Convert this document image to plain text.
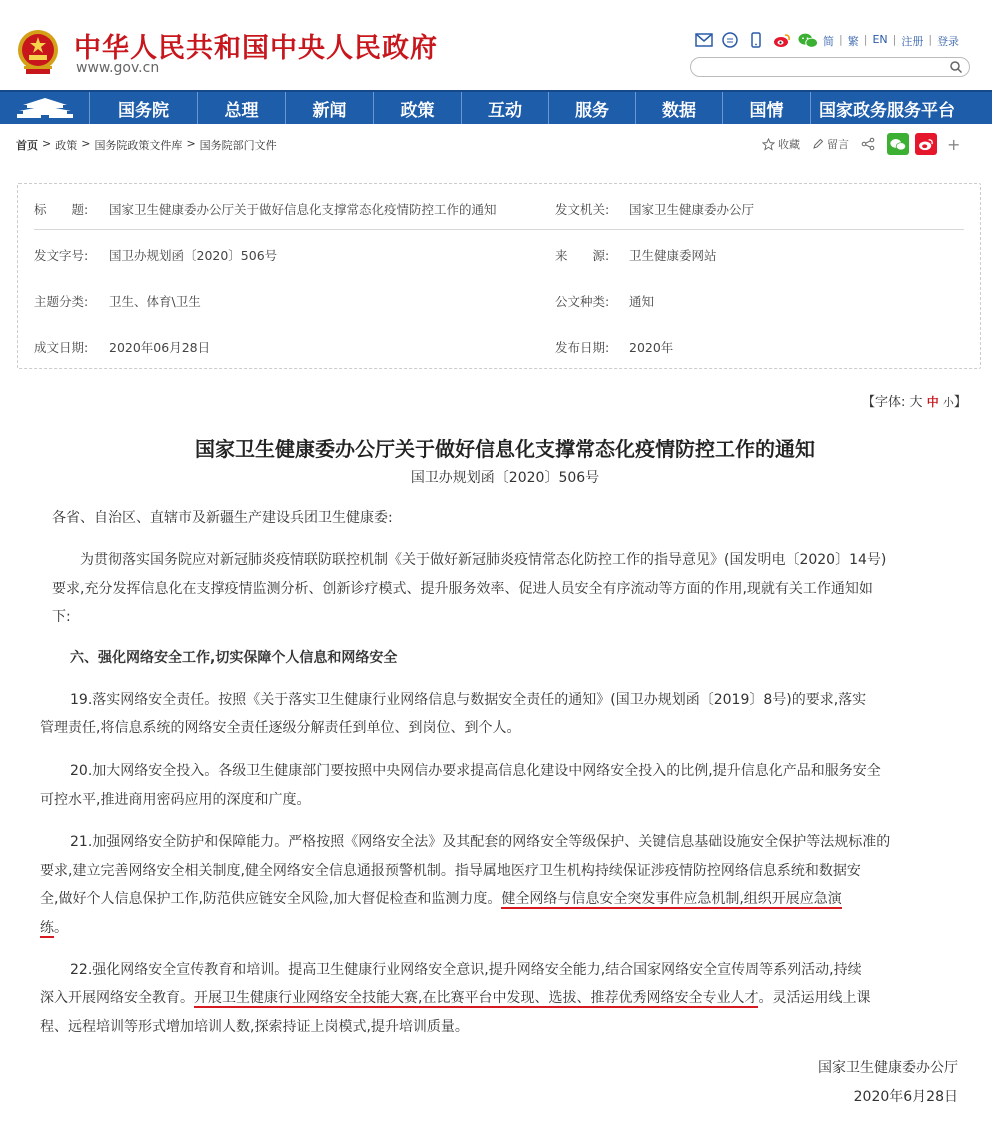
中华人民共和国中央人民政府
www.gov.cn
简 | 繁 | EN | 注册 | 登录
国务院	总理	新闻	政策	互动	服务	数据	国情	国家政务服务平台
首页 > 政策 > 国务院政策文件库 > 国务院部门文件	收藏 留言	+
标　　题: 国家卫生健康委办公厅关于做好信息化支撑常态化疫情防控工作的通知	发文机关: 国家卫生健康委办公厅
发文字号: 国卫办规划函〔2020〕506号	来　　源: 卫生健康委网站
主题分类: 卫生、体育\卫生	公文种类: 通知
成文日期: 2020年06月28日	发布日期: 2020年
【字体: 大 中 小】
国家卫生健康委办公厅关于做好信息化支撑常态化疫情防控工作的通知
国卫办规划函〔2020〕506号
各省、自治区、直辖市及新疆生产建设兵团卫生健康委:
为贯彻落实国务院应对新冠肺炎疫情联防联控机制《关于做好新冠肺炎疫情常态化防控工作的指导意见》(国发明电〔2020〕14号)
要求,充分发挥信息化在支撑疫情监测分析、创新诊疗模式、提升服务效率、促进人员安全有序流动等方面的作用,现就有关工作通知如
下:
六、强化网络安全工作,切实保障个人信息和网络安全
19.落实网络安全责任。按照《关于落实卫生健康行业网络信息与数据安全责任的通知》(国卫办规划函〔2019〕8号)的要求,落实
管理责任,将信息系统的网络安全责任逐级分解责任到单位、到岗位、到个人。
20.加大网络安全投入。各级卫生健康部门要按照中央网信办要求提高信息化建设中网络安全投入的比例,提升信息化产品和服务安全
可控水平,推进商用密码应用的深度和广度。
21.加强网络安全防护和保障能力。严格按照《网络安全法》及其配套的网络安全等级保护、关键信息基础设施安全保护等法规标准的
要求,建立完善网络安全相关制度,健全网络安全信息通报预警机制。指导属地医疗卫生机构持续保证涉疫情防控网络信息系统和数据安
全,做好个人信息保护工作,防范供应链安全风险,加大督促检查和监测力度。健全网络与信息安全突发事件应急机制,组织开展应急演
练。
22.强化网络安全宣传教育和培训。提高卫生健康行业网络安全意识,提升网络安全能力,结合国家网络安全宣传周等系列活动,持续
深入开展网络安全教育。开展卫生健康行业网络安全技能大赛,在比赛平台中发现、选拔、推荐优秀网络安全专业人才。灵活运用线上课
程、远程培训等形式增加培训人数,探索持证上岗模式,提升培训质量。
国家卫生健康委办公厅
2020年6月28日
